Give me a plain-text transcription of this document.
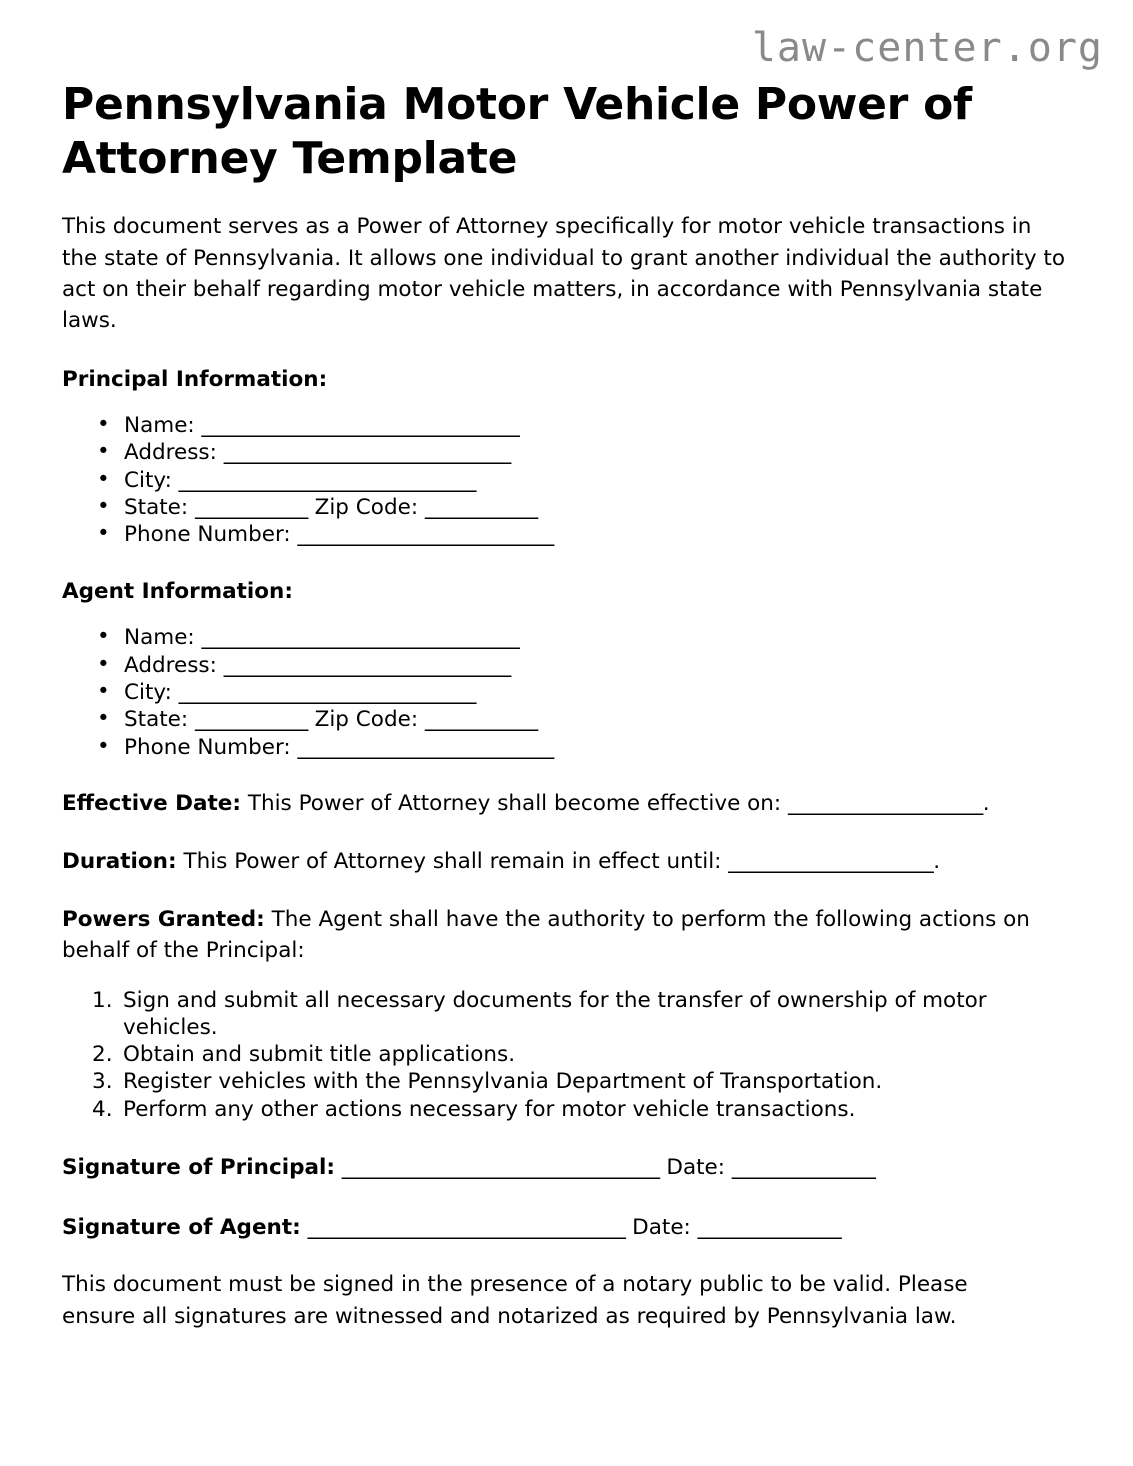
law-center.org
Pennsylvania Motor Vehicle Power of Attorney Template

This document serves as a Power of Attorney specifically for motor vehicle transactions in the state of Pennsylvania. It allows one individual to grant another individual the authority to act on their behalf regarding motor vehicle matters, in accordance with Pennsylvania state laws.

Principal Information:
• Name: _______________________________
• Address: ____________________________
• City: _____________________________
• State: ___________ Zip Code: ___________
• Phone Number: _________________________
Agent Information:
• Name: _______________________________
• Address: ____________________________
• City: _____________________________
• State: ___________ Zip Code: ___________
• Phone Number: _________________________

Effective Date: This Power of Attorney shall become effective on: ___________________.

Duration: This Power of Attorney shall remain in effect until: ____________________.

Powers Granted: The Agent shall have the authority to perform the following actions on behalf of the Principal:

Sign and submit all necessary documents for the transfer of ownership of motor vehicles.
Obtain and submit title applications.
Register vehicles with the Pennsylvania Department of Transportation.
Perform any other actions necessary for motor vehicle transactions.

Signature of Principal: _______________________________ Date: ______________

Signature of Agent: _______________________________ Date: ______________

This document must be signed in the presence of a notary public to be valid. Please ensure all signatures are witnessed and notarized as required by Pennsylvania law.
